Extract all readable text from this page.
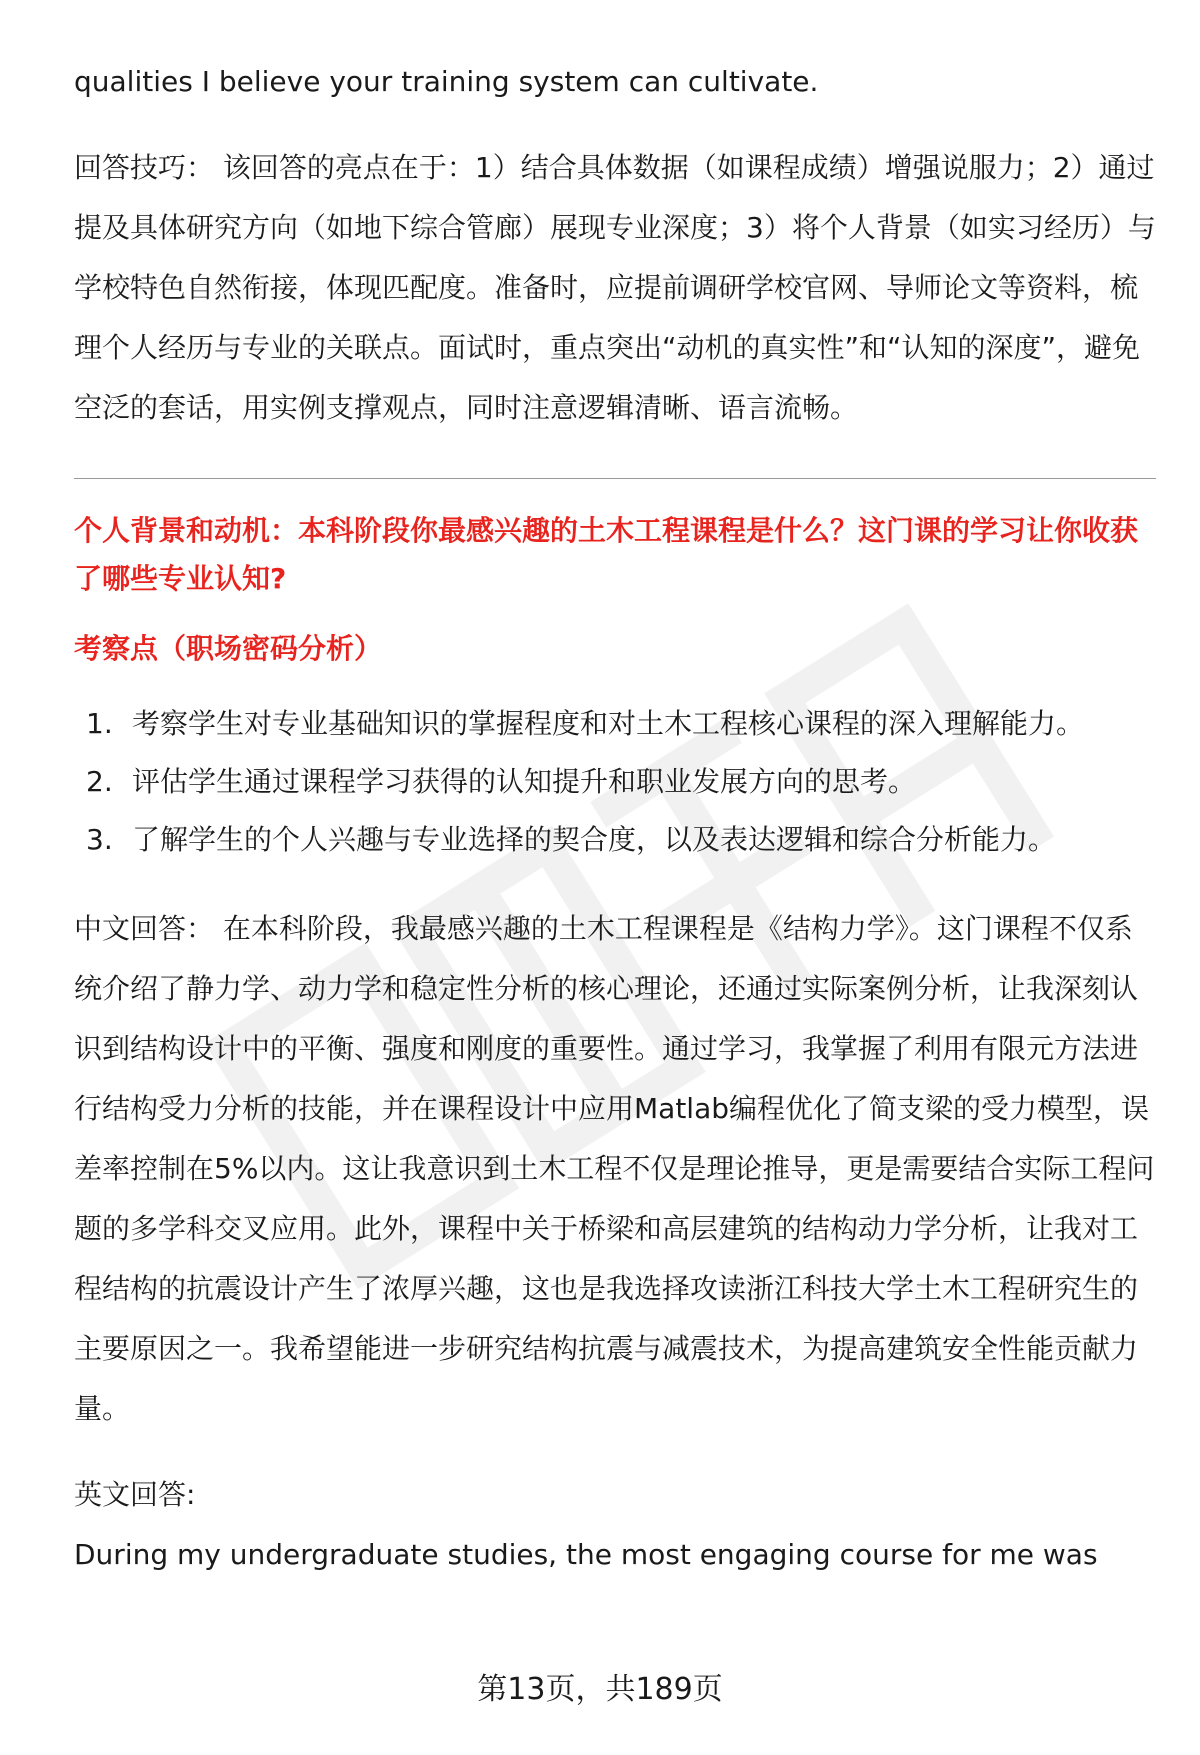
qualities I believe your training system can cultivate.

回答技巧： 该回答的亮点在于：1）结合具体数据（如课程成绩）增强说服力；2）通过提及具体研究方向（如地下综合管廊）展现专业深度；3）将个人背景（如实习经历）与学校特色自然衔接，体现匹配度。准备时，应提前调研学校官网、导师论文等资料，梳理个人经历与专业的关联点。面试时，重点突出“动机的真实性”和“认知的深度”，避免空泛的套话，用实例支撑观点，同时注意逻辑清晰、语言流畅。

个人背景和动机：本科阶段你最感兴趣的土木工程课程是什么？这门课的学习让你收获了哪些专业认知?

考察点（职场密码分析）

1. 考察学生对专业基础知识的掌握程度和对土木工程核心课程的深入理解能力。
2. 评估学生通过课程学习获得的认知提升和职业发展方向的思考。
3. 了解学生的个人兴趣与专业选择的契合度，以及表达逻辑和综合分析能力。

中文回答： 在本科阶段，我最感兴趣的土木工程课程是《结构力学》。这门课程不仅系统介绍了静力学、动力学和稳定性分析的核心理论，还通过实际案例分析，让我深刻认识到结构设计中的平衡、强度和刚度的重要性。通过学习，我掌握了利用有限元方法进行结构受力分析的技能，并在课程设计中应用Matlab编程优化了简支梁的受力模型，误差率控制在5%以内。这让我意识到土木工程不仅是理论推导，更是需要结合实际工程问题的多学科交叉应用。此外，课程中关于桥梁和高层建筑的结构动力学分析，让我对工程结构的抗震设计产生了浓厚兴趣，这也是我选择攻读浙江科技大学土木工程研究生的主要原因之一。我希望能进一步研究结构抗震与减震技术，为提高建筑安全性能贡献力量。

英文回答:

During my undergraduate studies, the most engaging course for me was

第13页，共189页
